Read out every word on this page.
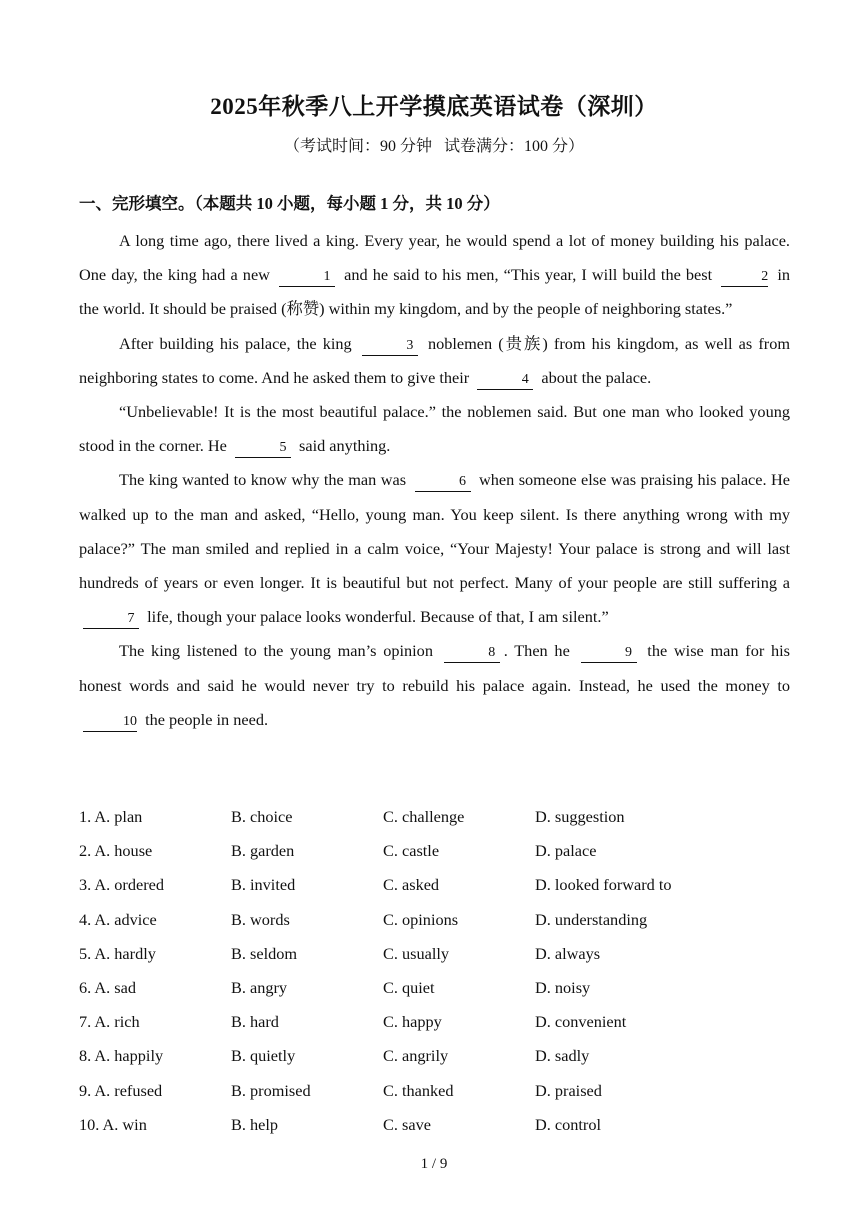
2025年秋季八上开学摸底英语试卷（深圳）
（考试时间：90 分钟 试卷满分：100 分）
一、完形填空。（本题共 10 小题，每小题 1 分，共 10 分）

A long time ago, there lived a king. Every year, he would spend a lot of money building his palace. One day, the king had a new	1 and he said to his men, “This year, I will build the best	2 in the world. It should be praised (称赞) within my kingdom, and by the people of neighboring states.”

After building his palace, the king	3 noblemen (贵族) from his kingdom, as well as from neighboring states to come. And he asked them to give their	4 about the palace.

“Unbelievable! It is the most beautiful palace.” the noblemen said. But one man who looked young stood in the corner. He	5 said anything.

The king wanted to know why the man was	6 when someone else was praising his palace. He walked up to the man and asked, “Hello, young man. You keep silent. Is there anything wrong with my palace?” The man smiled and replied in a calm voice, “Your Majesty! Your palace is strong and will last hundreds of years or even longer. It is beautiful but not perfect. Many of your people are still suffering a 7 life, though your palace looks wonderful. Because of that, I am silent.”

The king listened to the young man’s opinion	8 . Then he	9 the wise man for his honest words and said he would never try to rebuild his palace again. Instead, he used the money to 10 the people in need.

1. A. plan	B. choice	C. challenge	D. suggestion
2. A. house	B. garden	C. castle	D. palace
3. A. ordered	B. invited	C. asked	D. looked forward to
4. A. advice	B. words	C. opinions	D. understanding
5. A. hardly	B. seldom	C. usually	D. always
6. A. sad	B. angry	C. quiet	D. noisy
7. A. rich	B. hard	C. happy	D. convenient
8. A. happily	B. quietly	C. angrily	D. sadly
9. A. refused	B. promised	C. thanked	D. praised
10. A. win	B. help	C. save	D. control
1 / 9
